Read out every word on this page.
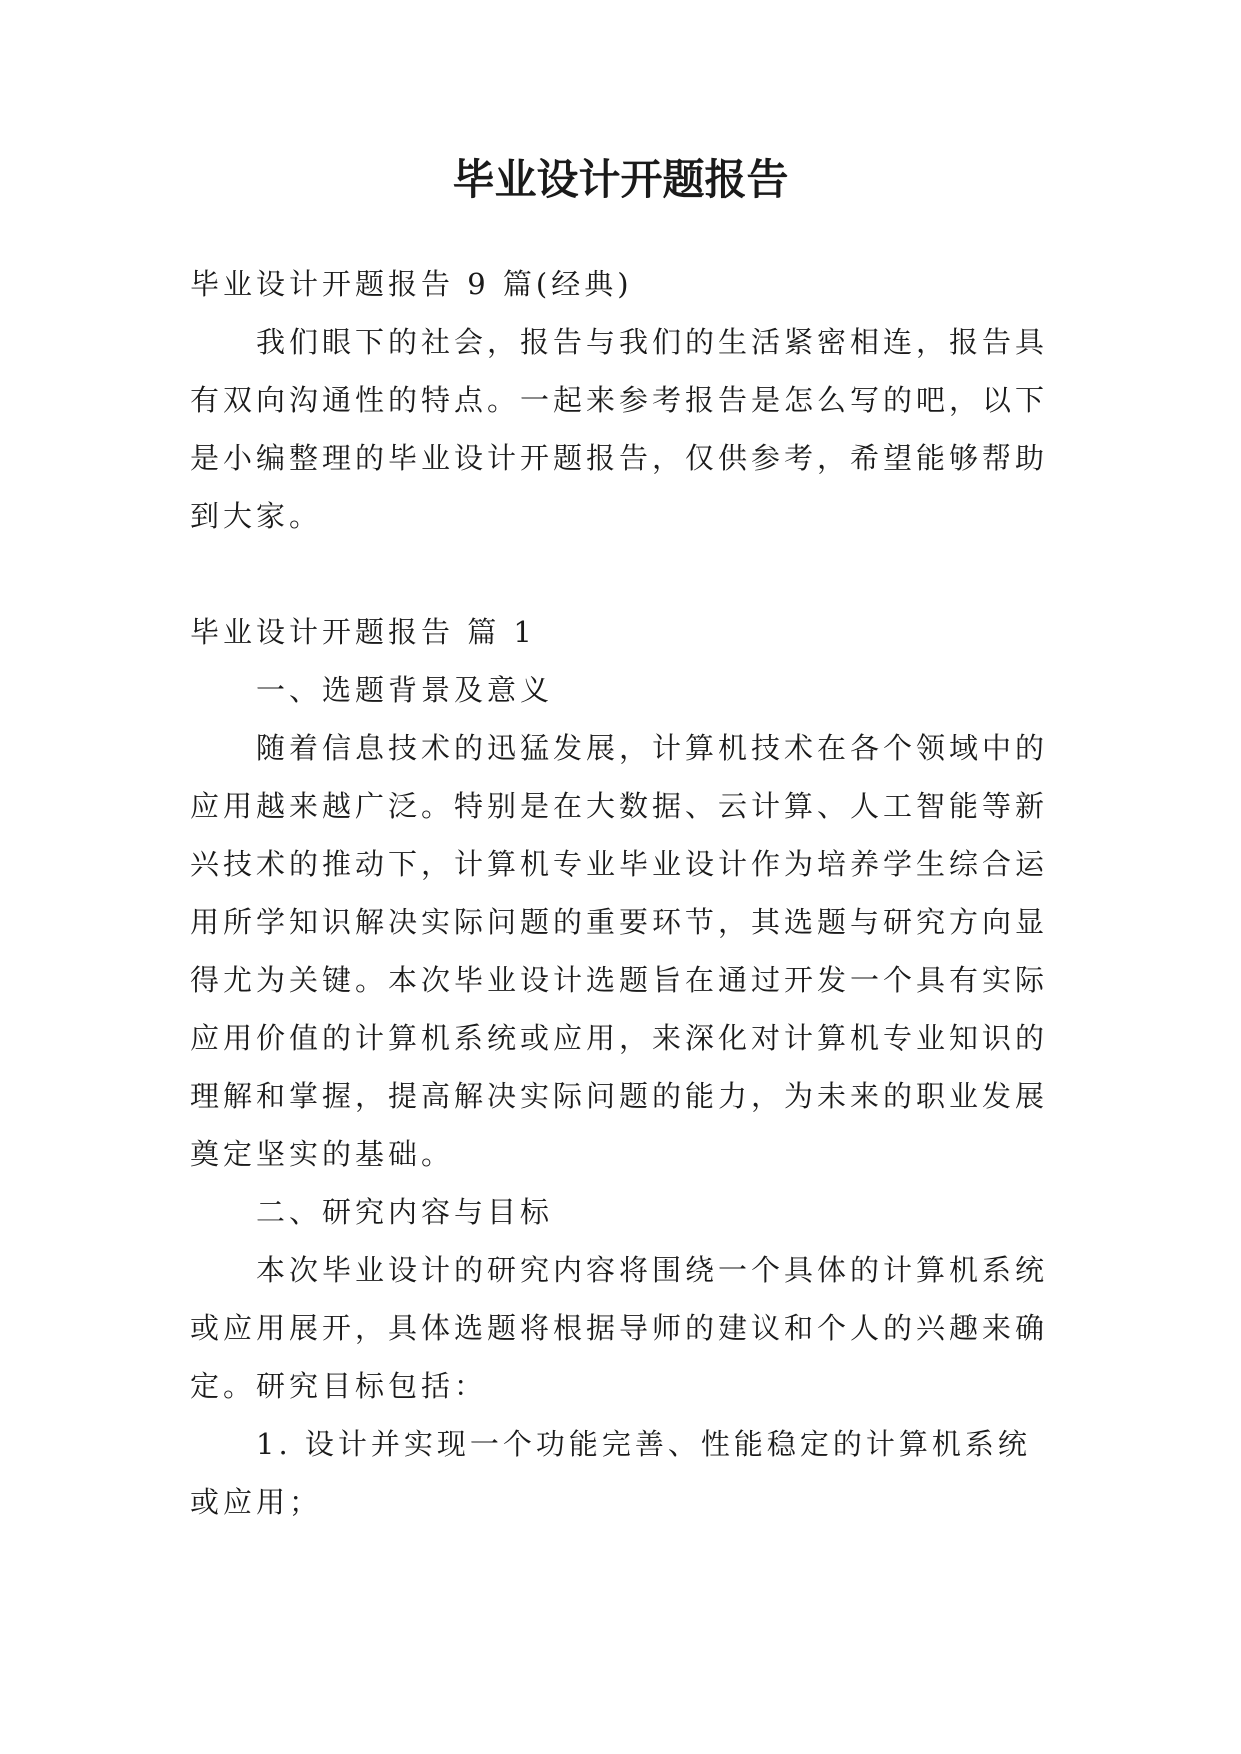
毕业设计开题报告

毕业设计开题报告 9 篇(经典)

我们眼下的社会，报告与我们的生活紧密相连，报告具有双向沟通性的特点。一起来参考报告是怎么写的吧，以下是小编整理的毕业设计开题报告，仅供参考，希望能够帮助到大家。

毕业设计开题报告 篇 1

一、选题背景及意义

随着信息技术的迅猛发展，计算机技术在各个领域中的应用越来越广泛。特别是在大数据、云计算、人工智能等新兴技术的推动下，计算机专业毕业设计作为培养学生综合运用所学知识解决实际问题的重要环节，其选题与研究方向显得尤为关键。本次毕业设计选题旨在通过开发一个具有实际应用价值的计算机系统或应用，来深化对计算机专业知识的理解和掌握，提高解决实际问题的能力，为未来的职业发展奠定坚实的基础。

二、研究内容与目标

本次毕业设计的研究内容将围绕一个具体的计算机系统或应用展开，具体选题将根据导师的建议和个人的兴趣来确定。研究目标包括：

1. 设计并实现一个功能完善、性能稳定的计算机系统或应用；
